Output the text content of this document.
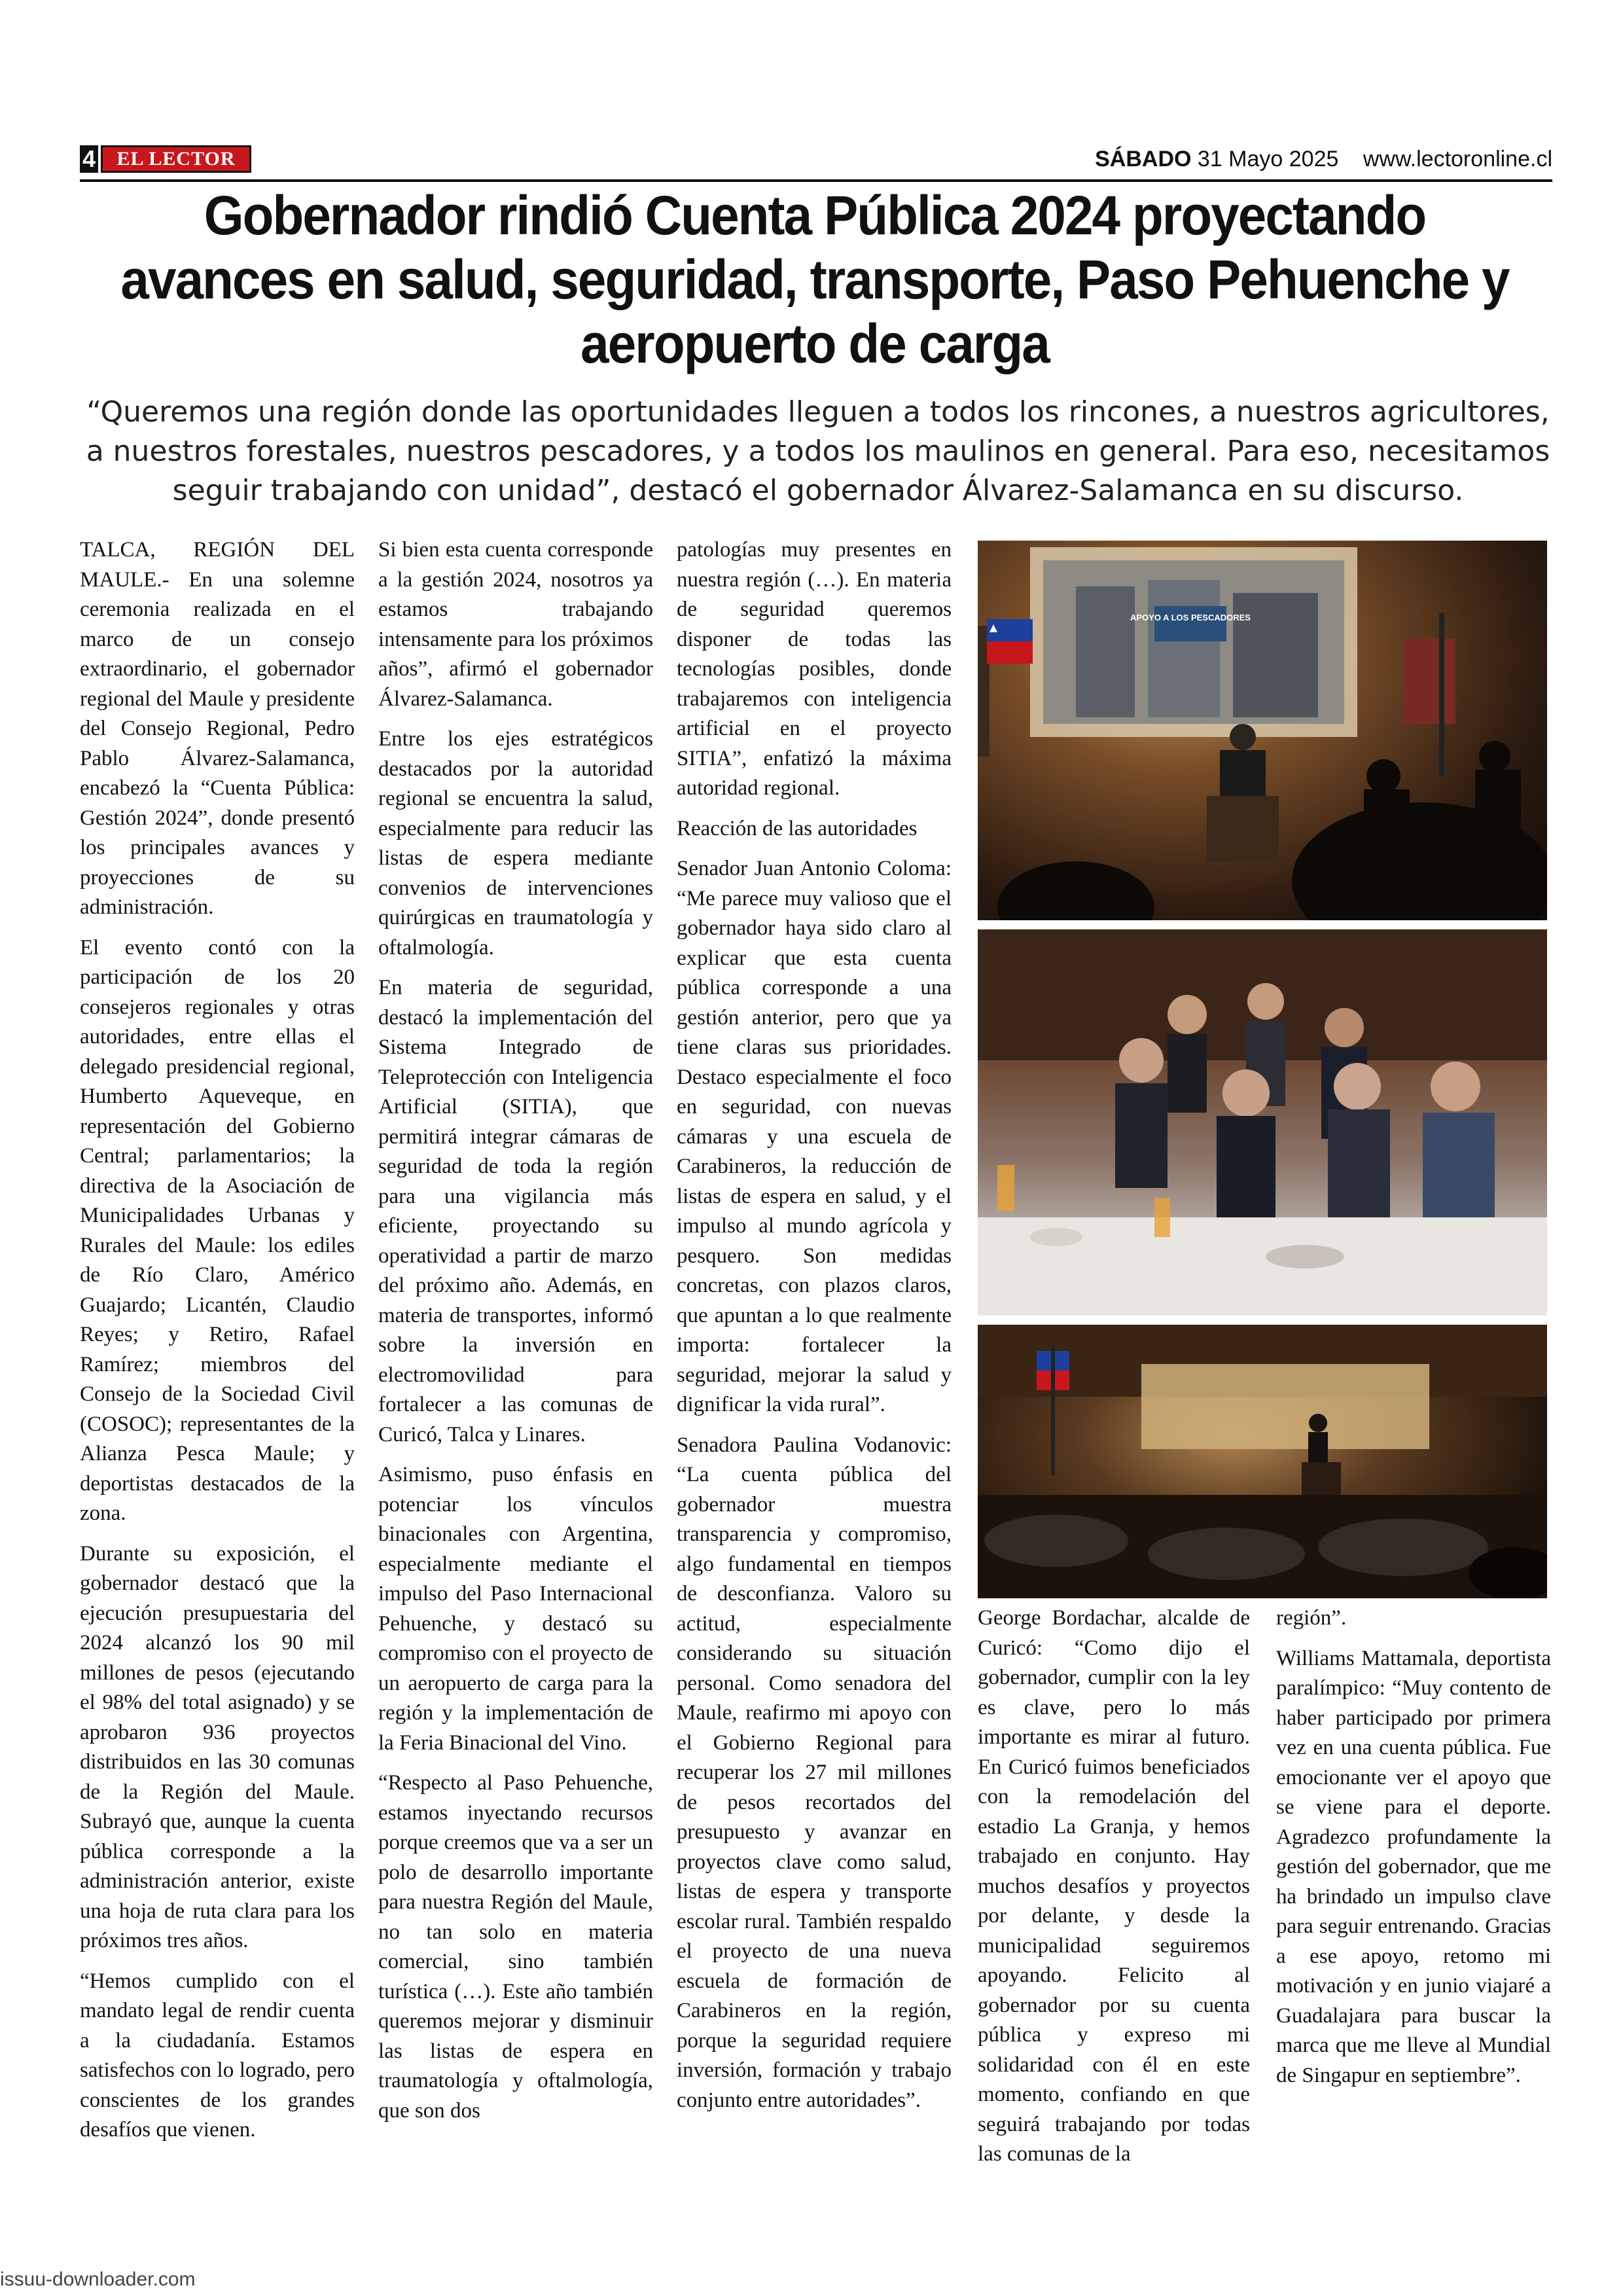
4	EL LECTOR	SÁBADO 31 Mayo 2025 www.lectoronline.cl
Gobernador rindió Cuenta Pública 2024 proyectando avances en salud, seguridad, transporte, Paso Pehuenche y aeropuerto de carga

“Queremos una región donde las oportunidades lleguen a todos los rincones, a nuestros agricultores, a nuestros forestales, nuestros pescadores, y a todos los maulinos en general. Para eso, necesitamos seguir trabajando con unidad”, destacó el gobernador Álvarez-Salamanca en su discurso.

TALCA, REGIÓN DEL MAULE.- En una solemne ceremonia realizada en el marco de un consejo extraordinario, el gobernador regional del Maule y presidente del Consejo Regional, Pedro Pablo Álvarez-Salamanca, encabezó la “Cuenta Pública: Gestión 2024”, donde presentó los principales avances y proyecciones de su administración.

El evento contó con la participación de los 20 consejeros regionales y otras autoridades, entre ellas el delegado presidencial regional, Humberto Aqueveque, en representación del Gobierno Central; parlamentarios; la directiva de la Asociación de Municipalidades Urbanas y Rurales del Maule: los ediles de Río Claro, Américo Guajardo; Licantén, Claudio Reyes; y Retiro, Rafael Ramírez; miembros del Consejo de la Sociedad Civil (COSOC); representantes de la Alianza Pesca Maule; y deportistas destacados de la zona.

Durante su exposición, el gobernador destacó que la ejecución presupuestaria del 2024 alcanzó los 90 mil millones de pesos (ejecutando el 98% del total asignado) y se aprobaron 936 proyectos distribuidos en las 30 comunas de la Región del Maule. Subrayó que, aunque la cuenta pública corresponde a la administración anterior, existe una hoja de ruta clara para los próximos tres años.

“Hemos cumplido con el mandato legal de rendir cuenta a la ciudadanía. Estamos satisfechos con lo logrado, pero conscientes de los grandes desafíos que vienen.

Si bien esta cuenta corresponde a la gestión 2024, nosotros ya estamos trabajando intensamente para los próximos años”, afirmó el gobernador Álvarez-Salamanca.

Entre los ejes estratégicos destacados por la autoridad regional se encuentra la salud, especialmente para reducir las listas de espera mediante convenios de intervenciones quirúrgicas en traumatología y oftalmología.

En materia de seguridad, destacó la implementación del Sistema Integrado de Teleprotección con Inteligencia Artificial (SITIA), que permitirá integrar cámaras de seguridad de toda la región para una vigilancia más eficiente, proyectando su operatividad a partir de marzo del próximo año. Además, en materia de transportes, informó sobre la inversión en electromovilidad para fortalecer a las comunas de Curicó, Talca y Linares.

Asimismo, puso énfasis en potenciar los vínculos binacionales con Argentina, especialmente mediante el impulso del Paso Internacional Pehuenche, y destacó su compromiso con el proyecto de un aeropuerto de carga para la región y la implementación de la Feria Binacional del Vino.

“Respecto al Paso Pehuenche, estamos inyectando recursos porque creemos que va a ser un polo de desarrollo importante para nuestra Región del Maule, no tan solo en materia comercial, sino también turística (…). Este año también queremos mejorar y disminuir las listas de espera en traumatología y oftalmología, que son dos

patologías muy presentes en nuestra región (…). En materia de seguridad queremos disponer de todas las tecnologías posibles, donde trabajaremos con inteligencia artificial en el proyecto SITIA”, enfatizó la máxima autoridad regional.

Reacción de las autoridades

Senador Juan Antonio Coloma: “Me parece muy valioso que el gobernador haya sido claro al explicar que esta cuenta pública corresponde a una gestión anterior, pero que ya tiene claras sus prioridades. Destaco especialmente el foco en seguridad, con nuevas cámaras y una escuela de Carabineros, la reducción de listas de espera en salud, y el impulso al mundo agrícola y pesquero. Son medidas concretas, con plazos claros, que apuntan a lo que realmente importa: fortalecer la seguridad, mejorar la salud y dignificar la vida rural”.

Senadora Paulina Vodanovic: “La cuenta pública del gobernador muestra transparencia y compromiso, algo fundamental en tiempos de desconfianza. Valoro su actitud, especialmente considerando su situación personal. Como senadora del Maule, reafirmo mi apoyo con el Gobierno Regional para recuperar los 27 mil millones de pesos recortados del presupuesto y avanzar en proyectos clave como salud, listas de espera y transporte escolar rural. También respaldo el proyecto de una nueva escuela de formación de Carabineros en la región, porque la seguridad requiere inversión, formación y trabajo conjunto entre autoridades”.

APOYO A LOS PESCADORES

George Bordachar, alcalde de Curicó: “Como dijo el gobernador, cumplir con la ley es clave, pero lo más importante es mirar al futuro. En Curicó fuimos beneficiados con la remodelación del estadio La Granja, y hemos trabajado en conjunto. Hay muchos desafíos y proyectos por delante, y desde la municipalidad seguiremos apoyando. Felicito al gobernador por su cuenta pública y expreso mi solidaridad con él en este momento, confiando en que seguirá trabajando por todas las comunas de la

región”.

Williams Mattamala, deportista paralímpico: “Muy contento de haber participado por primera vez en una cuenta pública. Fue emocionante ver el apoyo que se viene para el deporte. Agradezco profundamente la gestión del gobernador, que me ha brindado un impulso clave para seguir entrenando. Gracias a ese apoyo, retomo mi motivación y en junio viajaré a Guadalajara para buscar la marca que me lleve al Mundial de Singapur en septiembre”.

issuu-downloader.com
